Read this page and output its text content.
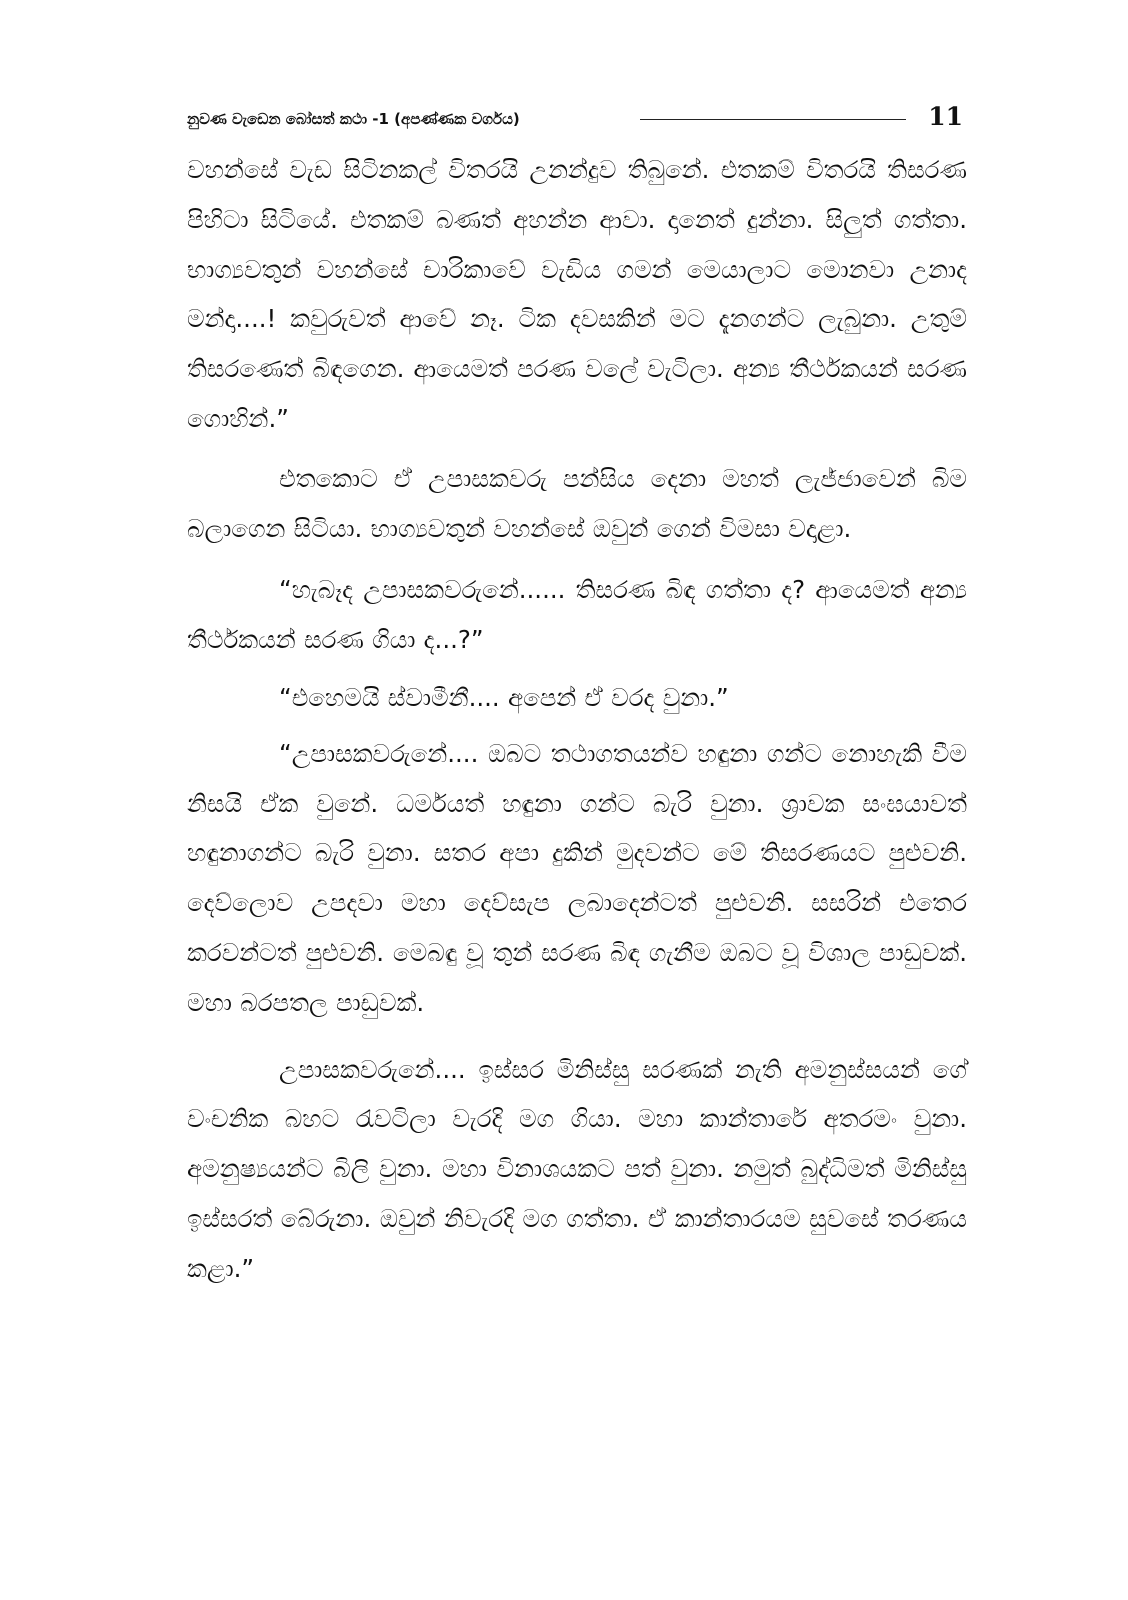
නුවණ වැඩෙන බෝසත් කථා -1 (අපණ්ණක වර්ගය)	11

වහන්සේ වැඩ සිටිනකල් විතරයි උනන්දුව තිබුනේ. එතකම් විතරයි තිසරණ පිහිටා සිටියේ. එතකම් බණත් අහන්න ආවා. දානෙත් දුන්නා. සිලුත් ගත්තා. භාග්‍යවතුන් වහන්සේ චාරිකාවේ වැඩිය ගමන් මෙයාලාට මොනවා උනාද මන්දා....! කවුරුවත් ආවේ නෑ. ටික දවසකින් මට දැනගන්ට ලැබුනා. උතුම් තිසරණෙත් බිඳගෙන. ආයෙමත් පරණ වලේ වැටිලා. අන්‍ය තීර්ථකයන් සරණ ගොහින්.”

එතකොට ඒ උපාසකවරු පන්සිය දෙනා මහත් ලැජ්ජාවෙන් බිම බලාගෙන සිටියා. භාග්‍යවතුන් වහන්සේ ඔවුන් ගෙන් විමසා වදාළා.

“හැබෑද උපාසකවරුනේ...... තිසරණ බිඳ ගත්තා ද? ආයෙමත් අන්‍ය තීර්ථකයන් සරණ ගියා ද...?”

“එහෙමයි ස්වාමීනී.... අපෙන් ඒ වරද වුනා.”

“උපාසකවරුනේ.... ඔබට තථාගතයන්ව හඳුනා ගන්ට නොහැකි වීම නිසයි ඒක වුනේ. ධර්මයත් හඳුනා ගන්ට බැරි වුනා. ශ්‍රාවක සංඝයාවත් හඳුනාගන්ට බැරි වුනා. සතර අපා දුකින් මුදවන්ට මේ තිසරණයට පුළුවනි. දෙව්ලොව උපදවා මහා දෙව්සැප ලබාදෙන්ටත් පුළුවනි. සසරින් එතෙර කරවන්ටත් පුළුවනි. මෙබඳු වූ තුන් සරණ බිඳ ගැනීම ඔබට වූ විශාල පාඩුවක්. මහා බරපතල පාඩුවක්.

උපාසකවරුනේ.... ඉස්සර මිනිස්සු සරණක් නැති අමනුස්සයන් ගේ වංචනික බහට රැවටිලා වැරදි මග ගියා. මහා කාන්තාරේ අතරමං වුනා. අමනුෂ්‍යයන්ට බිලි වුනා. මහා විනාශයකට පත් වුනා. නමුත් බුද්ධිමත් මිනිස්සු ඉස්සරත් බේරුනා. ඔවුන් නිවැරදි මග ගත්තා. ඒ කාන්තාරයම සුවසේ තරණය කළා.”
